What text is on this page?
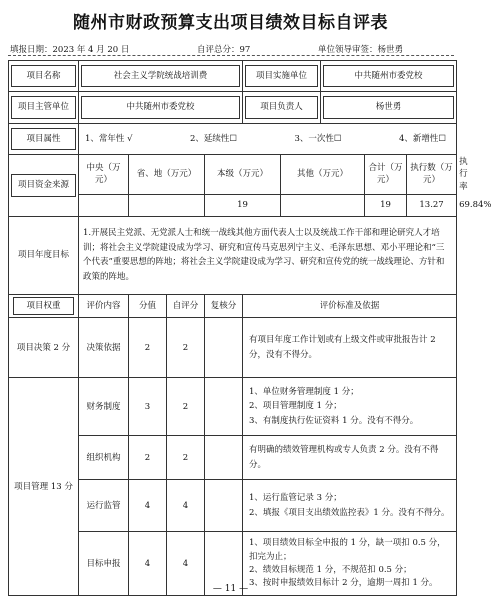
随州市财政预算支出项目绩效目标自评表
填报日期：2023 年 4 月 20 日	自评总分：97	单位领导审签：杨世勇
项目名称	社会主义学院统战培训费				项目实施单位		中共随州市委党校			

项目主管单位	中共随州市委党校				项目负责人		杨世勇			

项目属性	1、常年性 √ 2、延续性☐ 3、一次性☐ 4、新增性☐									

项目资金来源	中央（万元）	省、地（万元）		本级（万元）		其他（万元）		合计（万元）	执行数（万元）	执行率
				19				19	13.27	69.84%
项目年度目标	1.开展民主党派、无党派人士和统一战线其他方面代表人士以及统战工作干部和理论研究人才培训；将社会主义学院建设成为学习、研究和宣传马克思列宁主义、毛泽东思想、邓小平理论和“三个代表”重要思想的阵地；将社会主义学院建设成为学习、研究和宣传党的统一战线理论、方针和政策的阵地。									

项目权重	评价内容	分值	自评分	复核分	评价标准及依据					
项目决策 2 分	决策依据	2	2		有项目年度工作计划或有上级文件或审批报告计 2 分，没有不得分。					
项目管理 13 分	财务制度	3	2		1、单位财务管理制度 1 分；
2、项目管理制度 1 分；
3、有制度执行佐证资料 1 分。没有不得分。					

	组织机构	2	2		有明确的绩效管理机构或专人负责 2 分。没有不得分。					
	运行监管	4	4		1、运行监管记录 3 分；
2、填报《项目支出绩效监控表》1 分。没有不得分。					

	目标申报	4	4		1、项目绩效目标全申报的 1 分，缺一项扣 0.5 分，扣完为止；
2、绩效目标规范 1 分，不规范扣 0.5 分；
3、按时申报绩效目标计 2 分，逾期一周扣 1 分。					
— 11 —
